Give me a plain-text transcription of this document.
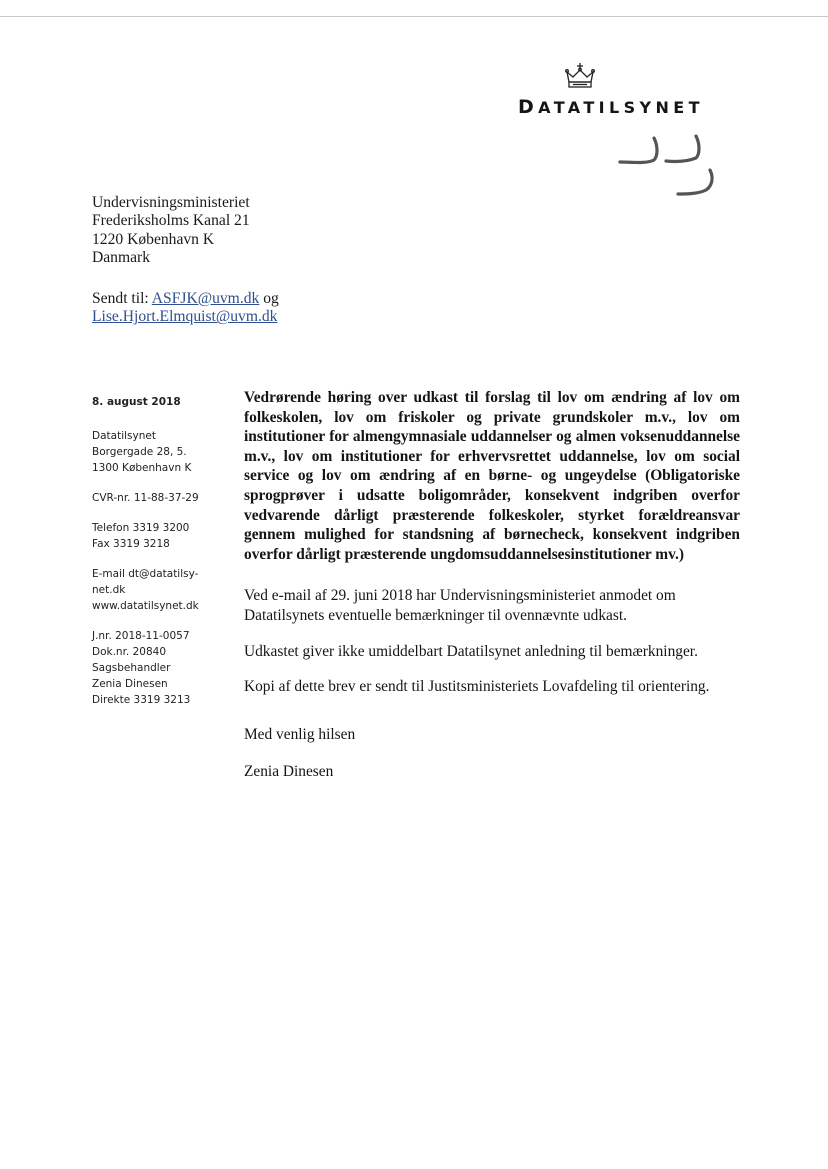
DATATILSYNET
Undervisningsministeriet
Frederiksholms Kanal 21
1220 København K
Danmark
Sendt til: ASFJK@uvm.dk og
Lise.Hjort.Elmquist@uvm.dk
8. august 2018
Datatilsynet
Borgergade 28, 5.
1300 København K
CVR-nr. 11-88-37-29
Telefon 3319 3200
Fax 3319 3218
E-mail dt@datatilsy-
net.dk
www.datatilsynet.dk
J.nr. 2018-11-0057
Dok.nr. 20840
Sagsbehandler
Zenia Dinesen
Direkte 3319 3213

Vedrørende høring over udkast til forslag til lov om ændring af lov om folkeskolen, lov om friskoler og private grundskoler m.v., lov om institutioner for almengymnasiale uddannelser og almen voksenuddannelse m.v., lov om institutioner for erhvervsrettet uddannelse, lov om social service og lov om ændring af en børne- og ungeydelse (Obligatoriske sprogprøver i udsatte boligområder, konsekvent indgriben overfor vedvarende dårligt præsterende folkeskoler, styrket forældreansvar gennem mulighed for standsning af børnecheck, konsekvent indgriben overfor dårligt præsterende ungdomsuddannelsesinstitutioner mv.)

Ved e-mail af 29. juni 2018 har Undervisningsministeriet anmodet om Datatilsynets eventuelle bemærkninger til ovennævnte udkast.

Udkastet giver ikke umiddelbart Datatilsynet anledning til bemærkninger.

Kopi af dette brev er sendt til Justitsministeriets Lovafdeling til orientering.

Med venlig hilsen
Zenia Dinesen
